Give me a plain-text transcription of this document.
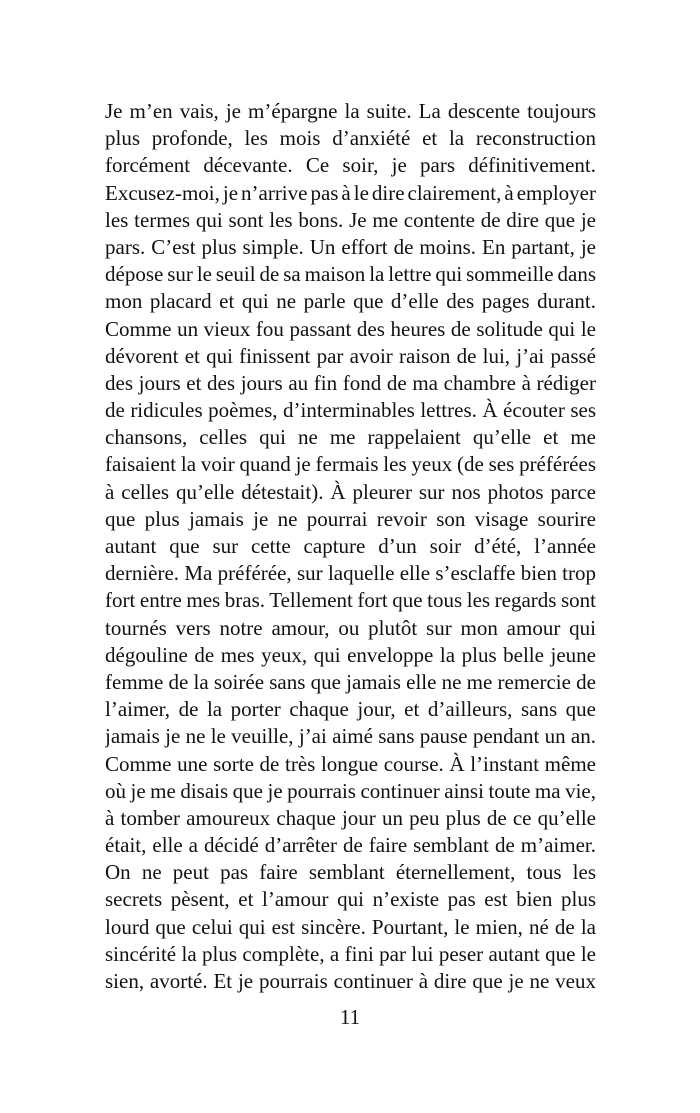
Je m’en vais, je m’épargne la suite. La descente toujours
plus profonde, les mois d’anxiété et la reconstruction
forcément décevante. Ce soir, je pars définitivement.
Excusez-moi, je n’arrive pas à le dire clairement, à employer
les termes qui sont les bons. Je me contente de dire que je
pars. C’est plus simple. Un effort de moins. En partant, je
dépose sur le seuil de sa maison la lettre qui sommeille dans
mon placard et qui ne parle que d’elle des pages durant.
Comme un vieux fou passant des heures de solitude qui le
dévorent et qui finissent par avoir raison de lui, j’ai passé
des jours et des jours au fin fond de ma chambre à rédiger
de ridicules poèmes, d’interminables lettres. À écouter ses
chansons, celles qui ne me rappelaient qu’elle et me
faisaient la voir quand je fermais les yeux (de ses préférées
à celles qu’elle détestait). À pleurer sur nos photos parce
que plus jamais je ne pourrai revoir son visage sourire
autant que sur cette capture d’un soir d’été, l’année
dernière. Ma préférée, sur laquelle elle s’esclaffe bien trop
fort entre mes bras. Tellement fort que tous les regards sont
tournés vers notre amour, ou plutôt sur mon amour qui
dégouline de mes yeux, qui enveloppe la plus belle jeune
femme de la soirée sans que jamais elle ne me remercie de
l’aimer, de la porter chaque jour, et d’ailleurs, sans que
jamais je ne le veuille, j’ai aimé sans pause pendant un an.
Comme une sorte de très longue course. À l’instant même
où je me disais que je pourrais continuer ainsi toute ma vie,
à tomber amoureux chaque jour un peu plus de ce qu’elle
était, elle a décidé d’arrêter de faire semblant de m’aimer.
On ne peut pas faire semblant éternellement, tous les
secrets pèsent, et l’amour qui n’existe pas est bien plus
lourd que celui qui est sincère. Pourtant, le mien, né de la
sincérité la plus complète, a fini par lui peser autant que le
sien, avorté. Et je pourrais continuer à dire que je ne veux
11
